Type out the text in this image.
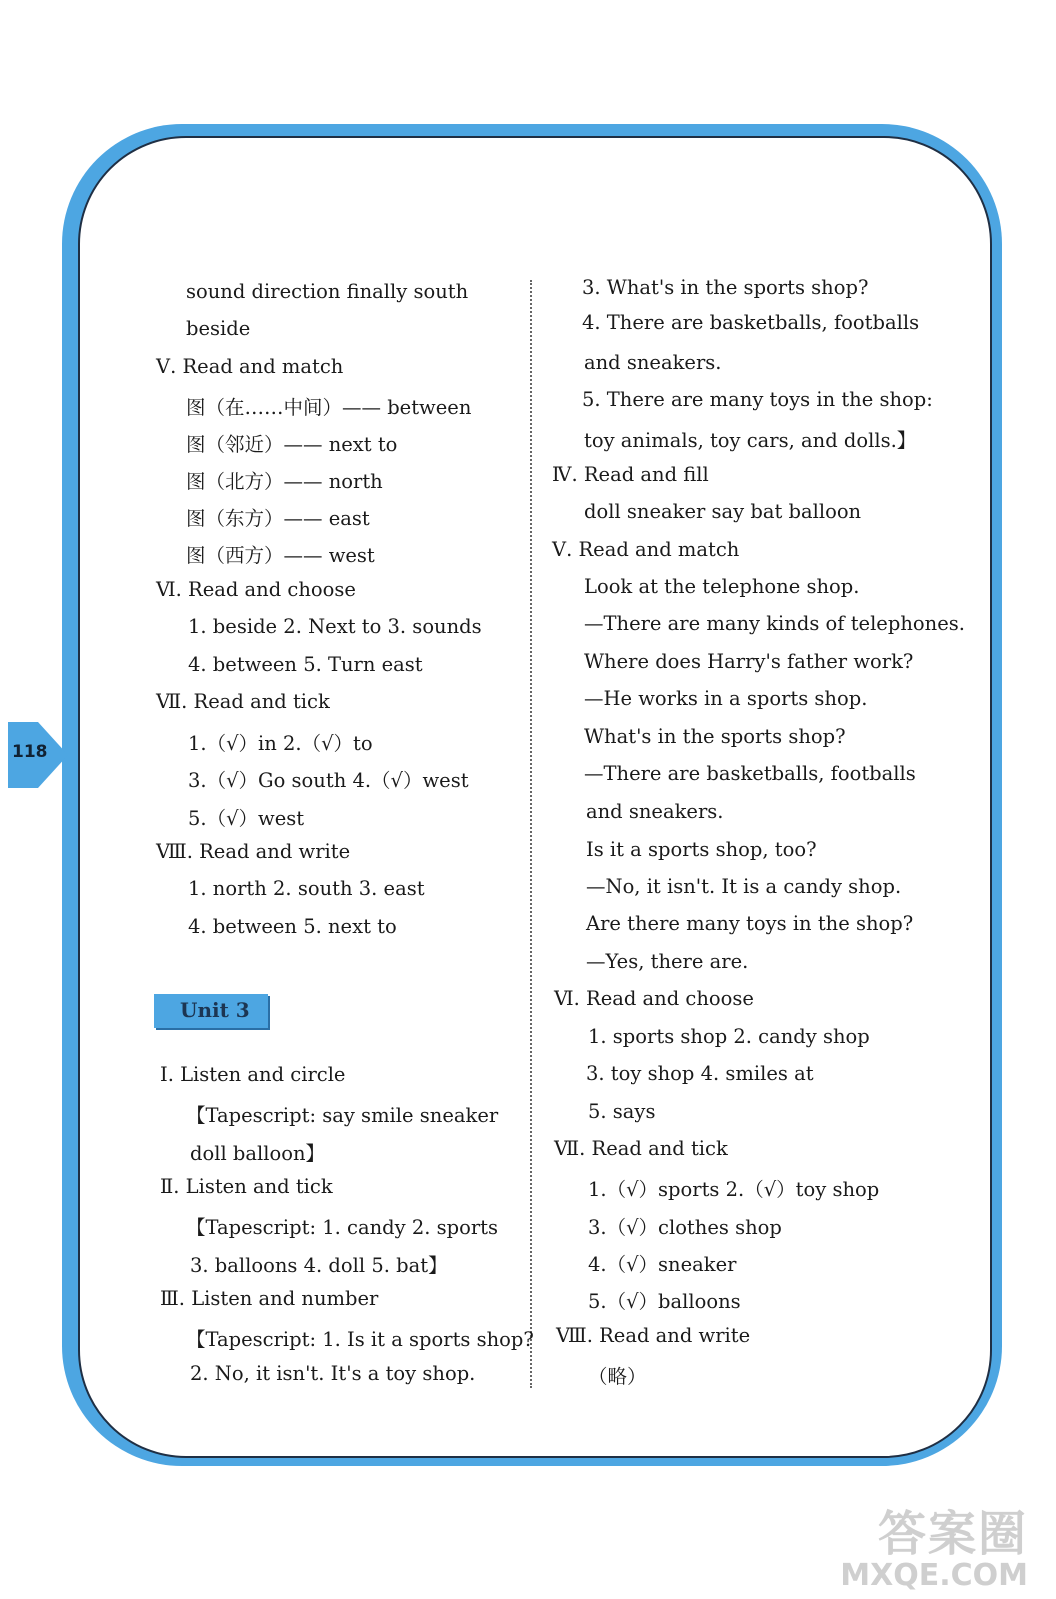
118
sound direction finally south
beside
Ⅴ. Read and match
图（在……中间）—— between
图（邻近）—— next to
图（北方）—— north
图（东方）—— east
图（西方）—— west
Ⅵ. Read and choose
1. beside 2. Next to 3. sounds
4. between 5. Turn east
Ⅶ. Read and tick
1.（√）in 2.（√）to
3.（√）Go south 4.（√）west
5.（√）west
Ⅷ. Read and write
1. north 2. south 3. east
4. between 5. next to
Unit 3
Ⅰ. Listen and circle
【Tapescript: say smile sneaker
doll balloon】
Ⅱ. Listen and tick
【Tapescript: 1. candy 2. sports
3. balloons 4. doll 5. bat】
Ⅲ. Listen and number
【Tapescript: 1. Is it a sports shop?
2. No, it isn't. It's a toy shop.
3. What's in the sports shop?
4. There are basketballs, footballs
and sneakers.
5. There are many toys in the shop:
toy animals, toy cars, and dolls.】
Ⅳ. Read and fill
doll sneaker say bat balloon
Ⅴ. Read and match
Look at the telephone shop.
—There are many kinds of telephones.
Where does Harry's father work?
—He works in a sports shop.
What's in the sports shop?
—There are basketballs, footballs
and sneakers.
Is it a sports shop, too?
—No, it isn't. It is a candy shop.
Are there many toys in the shop?
—Yes, there are.
Ⅵ. Read and choose
1. sports shop 2. candy shop
3. toy shop 4. smiles at
5. says
Ⅶ. Read and tick
1.（√）sports 2.（√）toy shop
3.（√）clothes shop
4.（√）sneaker
5.（√）balloons
Ⅷ. Read and write
（略）
答案圈
MXQE.COM
